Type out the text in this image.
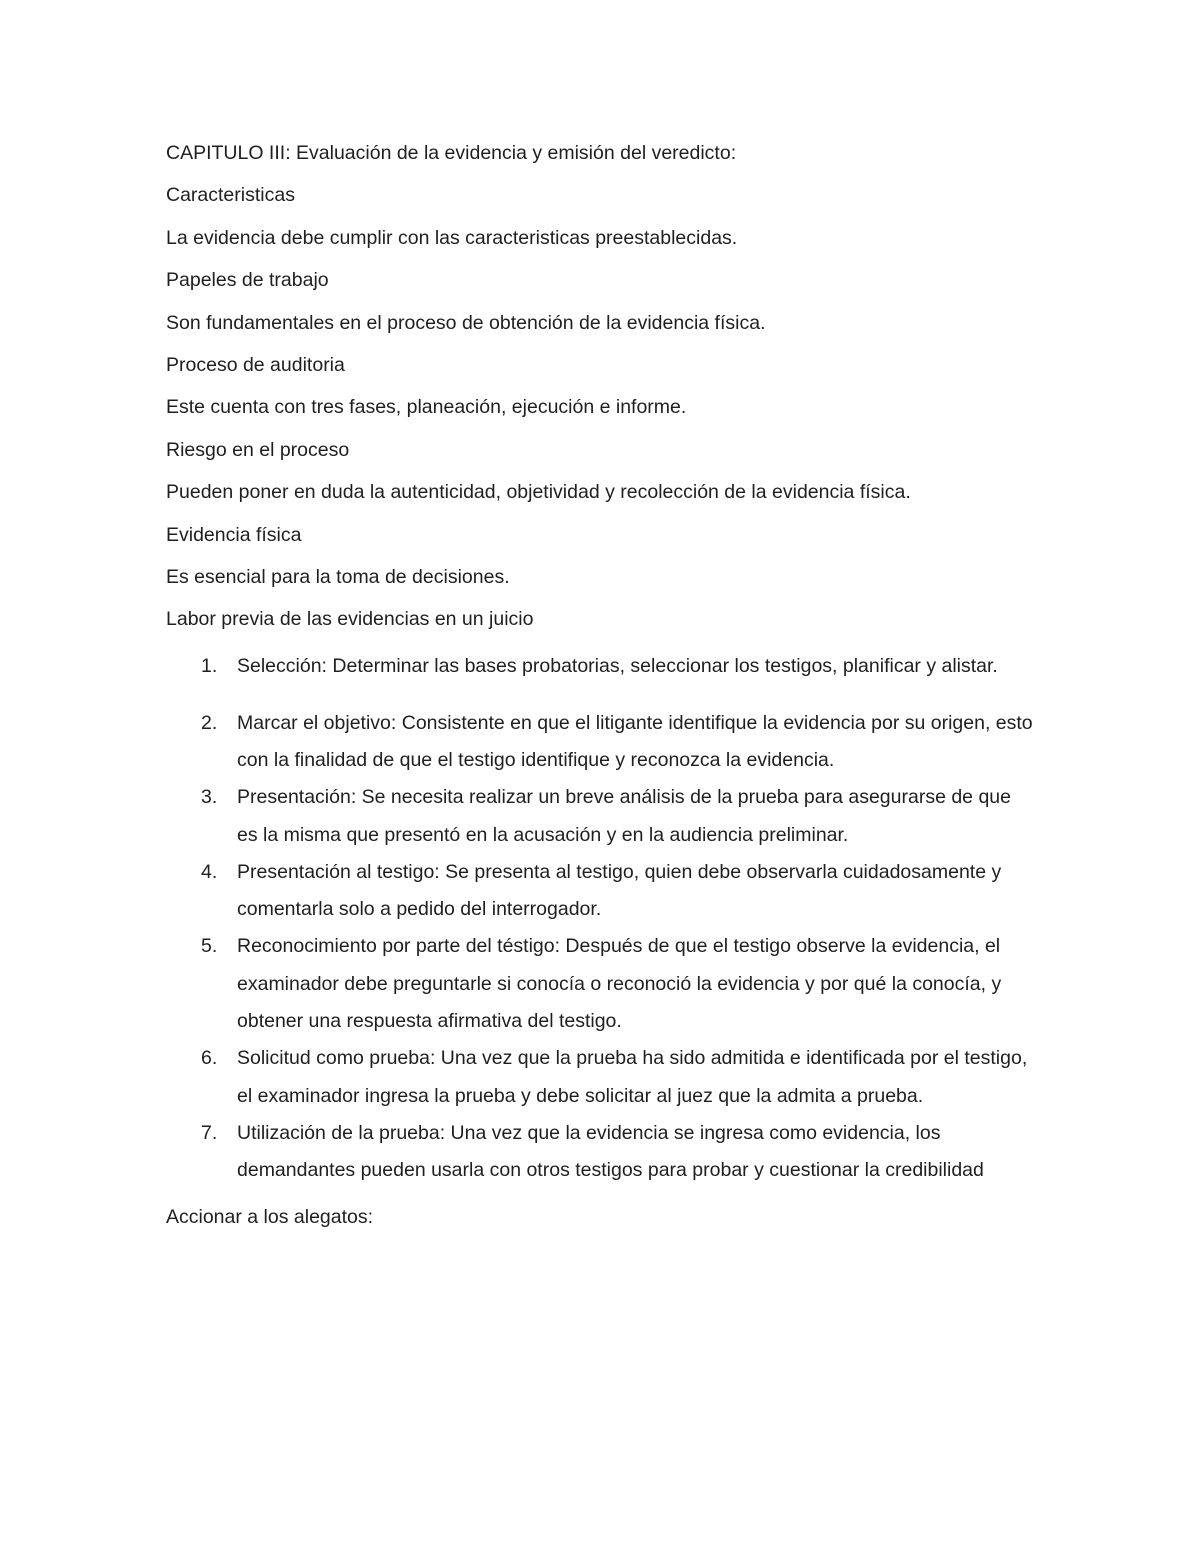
CAPITULO III: Evaluación de la evidencia y emisión del veredicto:

Caracteristicas

La evidencia debe cumplir con las caracteristicas preestablecidas.

Papeles de trabajo

Son fundamentales en el proceso de obtención de la evidencia física.

Proceso de auditoria

Este cuenta con tres fases, planeación, ejecución e informe.

Riesgo en el proceso

Pueden poner en duda la autenticidad, objetividad y recolección de la evidencia física.

Evidencia física

Es esencial para la toma de decisiones.

Labor previa de las evidencias en un juicio

1. Selección: Determinar las bases probatorias, seleccionar los testigos, planificar y alistar.
2. Marcar el objetivo: Consistente en que el litigante identifique la evidencia por su origen, esto con la finalidad de que el testigo identifique y reconozca la evidencia.
3. Presentación: Se necesita realizar un breve análisis de la prueba para asegurarse de que es la misma que presentó en la acusación y en la audiencia preliminar.
4. Presentación al testigo: Se presenta al testigo, quien debe observarla cuidadosamente y comentarla solo a pedido del interrogador.
5. Reconocimiento por parte del téstigo: Después de que el testigo observe la evidencia, el examinador debe preguntarle si conocía o reconoció la evidencia y por qué la conocía, y obtener una respuesta afirmativa del testigo.
6. Solicitud como prueba: Una vez que la prueba ha sido admitida e identificada por el testigo, el examinador ingresa la prueba y debe solicitar al juez que la admita a prueba.
7. Utilización de la prueba: Una vez que la evidencia se ingresa como evidencia, los demandantes pueden usarla con otros testigos para probar y cuestionar la credibilidad

Accionar a los alegatos:
